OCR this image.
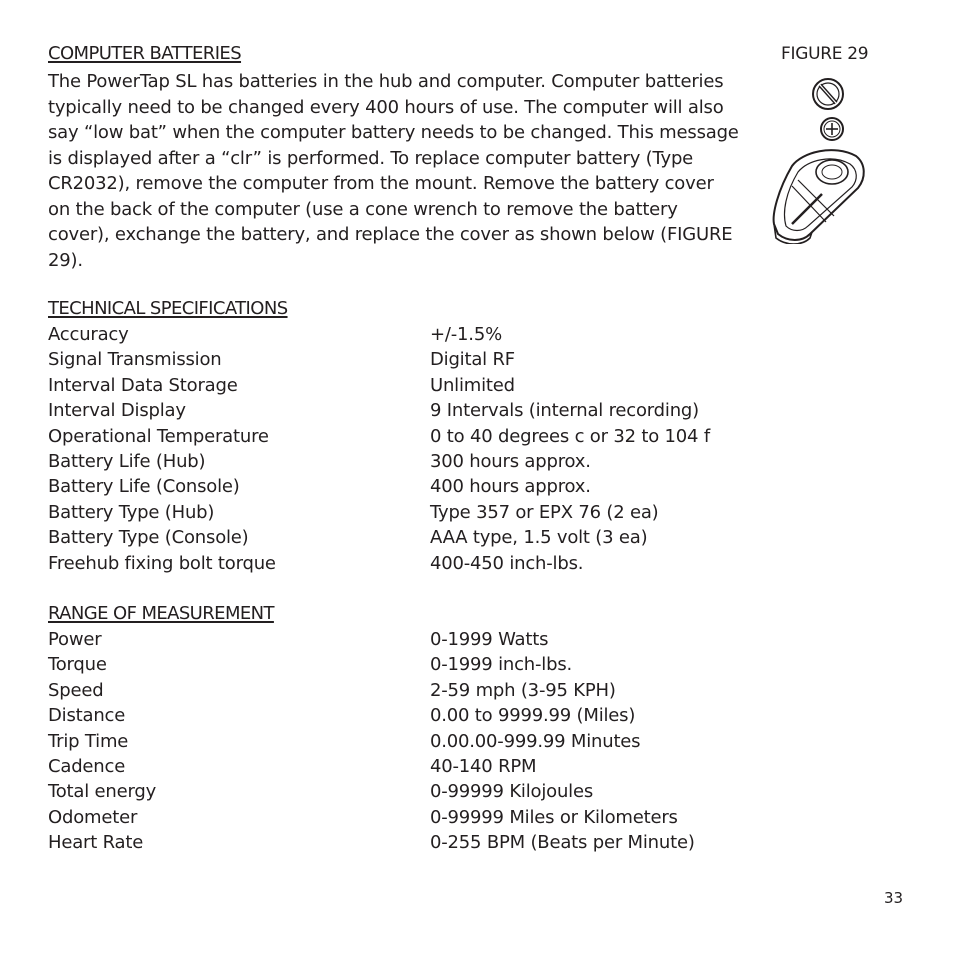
COMPUTER BATTERIES

The PowerTap SL has batteries in the hub and computer. Computer batteries
typically need to be changed every 400 hours of use. The computer will also
say “low bat” when the computer battery needs to be changed. This message
is displayed after a “clr” is performed. To replace computer battery (Type
CR2032), remove the computer from the mount. Remove the battery cover
on the back of the computer (use a cone wrench to remove the battery
cover), exchange the battery, and replace the cover as shown below (FIGURE
29).

FIGURE 29
TECHNICAL SPECIFICATIONS
Accuracy	+/-1.5%
Signal Transmission	Digital RF
Interval Data Storage	Unlimited
Interval Display	9 Intervals (internal recording)
Operational Temperature	0 to 40 degrees c or 32 to 104 f
Battery Life (Hub)	300 hours approx.
Battery Life (Console)	400 hours approx.
Battery Type (Hub)	Type 357 or EPX 76 (2 ea)
Battery Type (Console)	AAA type, 1.5 volt (3 ea)
Freehub fixing bolt torque	400-450 inch-lbs.
RANGE OF MEASUREMENT
Power	0-1999 Watts
Torque	0-1999 inch-lbs.
Speed	2-59 mph (3-95 KPH)
Distance	0.00 to 9999.99 (Miles)
Trip Time	0.00.00-999.99 Minutes
Cadence	40-140 RPM
Total energy	0-99999 Kilojoules
Odometer	0-99999 Miles or Kilometers
Heart Rate	0-255 BPM (Beats per Minute)
33
